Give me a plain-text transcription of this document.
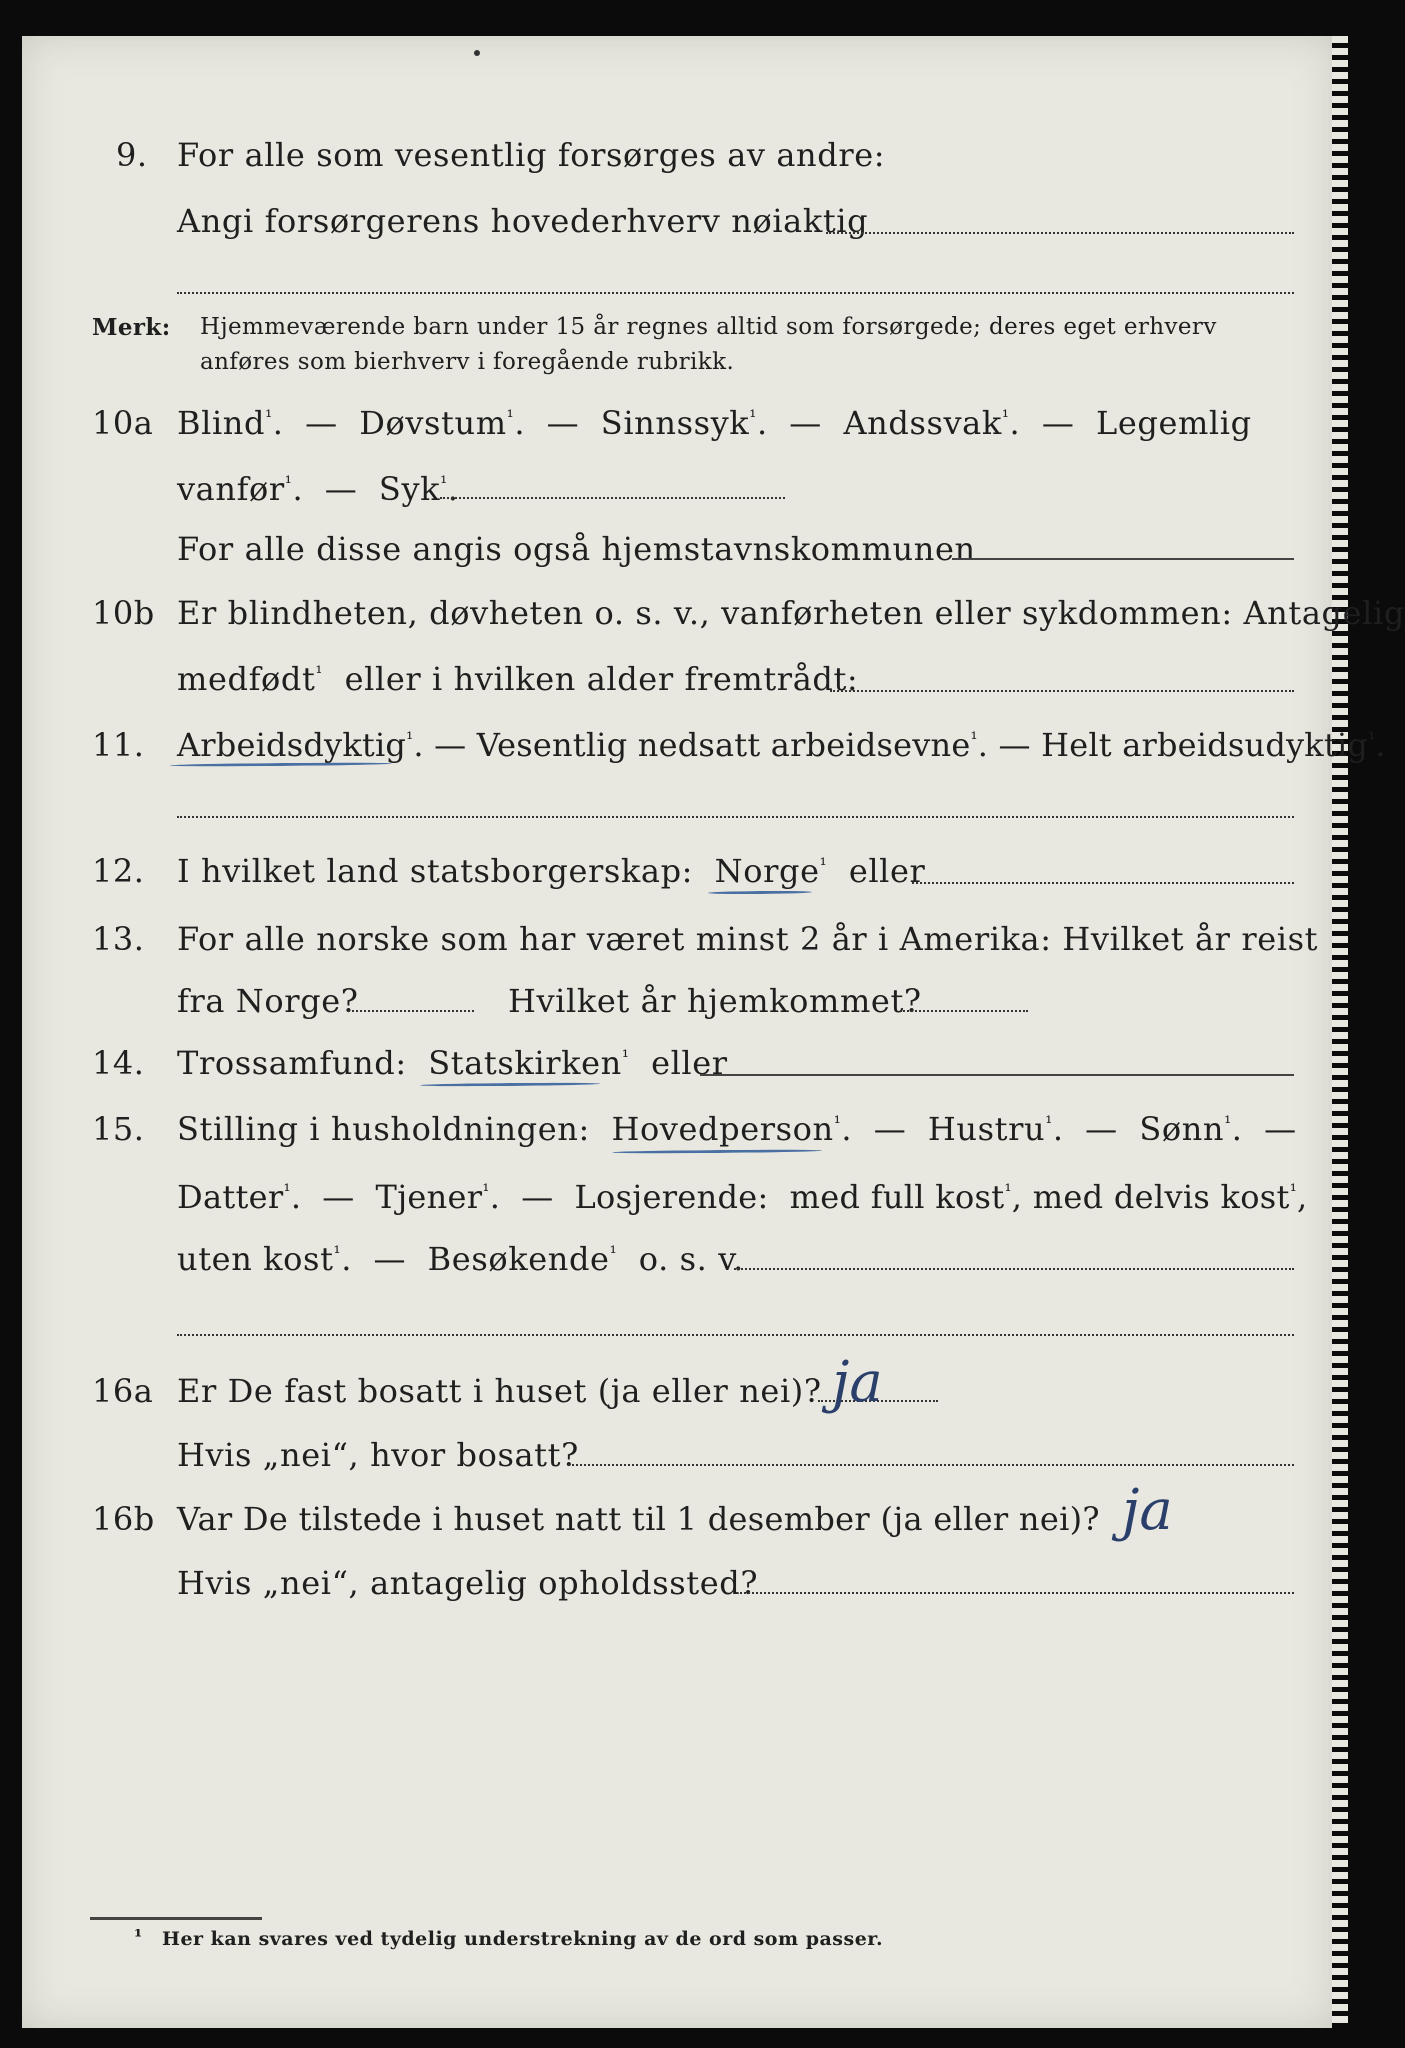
9. For alle som vesentlig forsørges av andre:
Angi forsørgerens hovederhverv nøiaktig
Merk: Hjemmeværende barn under 15 år regnes alltid som forsørgede; deres eget erhverv
anføres som bierhverv i foregående rubrikk.
10a Blind$^{^1}$.  — Døvstum$^{^1}$.  — Sinnssyk$^{^1}$.  — Andssvak$^{^1}$.  — Legemlig
vanfør$^{^1}$.  — Syk$^{^1}$.
For alle disse angis også hjemstavnskommunen
10b Er blindheten, døvheten o. s. v., vanførheten eller sykdommen: Antagelig
medfødt$^{^1}$ eller i hvilken alder fremtrådt:
11. Arbeidsdyktig$^{^1}$. — Vesentlig nedsatt arbeidsevne$^{^1}$. — Helt arbeidsudyktig$^{^1}$.
12. I hvilket land statsborgerskap: Norge$^{^1}$ eller
13. For alle norske som har været minst 2 år i Amerika: Hvilket år reist
fra Norge?	Hvilket år hjemkommet?
14. Trossamfund: Statskirken$^{^1}$ eller
15. Stilling i husholdningen: Hovedperson$^{^1}$.  — Hustru$^{^1}$.  — Sønn$^{^1}$.  —
Datter$^{^1}$.  — Tjener$^{^1}$.  — Losjerende: med full kost$^{^1}$, med delvis kost$^{^1}$,
uten kost$^{^1}$.  — Besøkende$^{^1}$ o. s. v.
16a Er De fast bosatt i huset (ja eller nei)? ja
Hvis „nei“, hvor bosatt?
16b Var De tilstede i huset natt til 1 desember (ja eller nei)? ja
Hvis „nei“, antagelig opholdssted?
¹ Her kan svares ved tydelig understrekning av de ord som passer.
